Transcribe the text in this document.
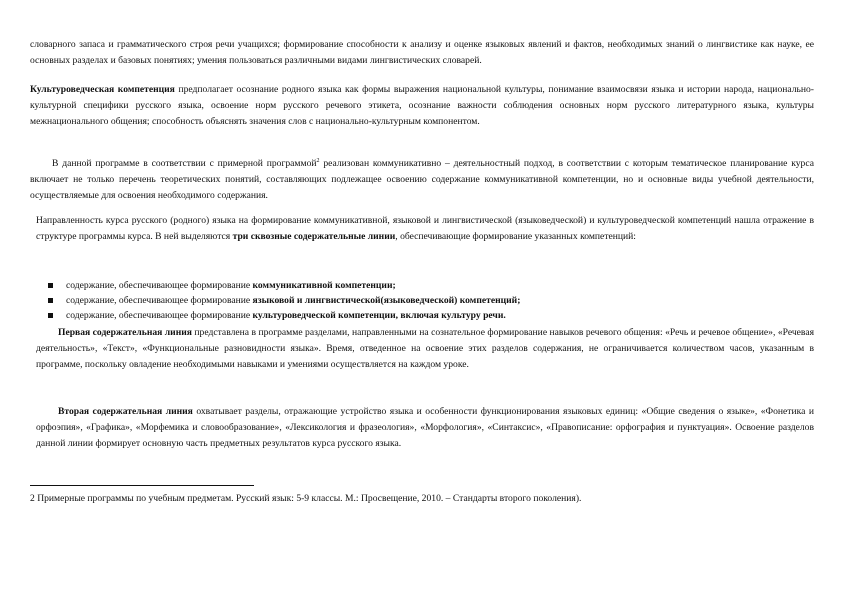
словарного запаса и грамматического строя речи учащихся; формирование способности к анализу и оценке языковых явлений и фактов, необходимых знаний о лингвистике как науке, ее основных разделах и базовых понятиях; умения пользоваться различными видами лингвистических словарей.

Культуроведческая компетенция предполагает осознание родного языка как формы выражения национальной культуры, понимание взаимосвязи языка и истории народа, национально-культурной специфики русского языка, освоение норм русского речевого этикета, осознание важности соблюдения основных норм русского литературного языка, культуры межнационального общения; способность объяснять значения слов с национально-культурным компонентом.

В данной программе в соответствии с примерной программой$^2$ реализован коммуникативно – деятельностный подход, в соответствии с которым тематическое планирование курса включает не только перечень теоретических понятий, составляющих подлежащее освоению содержание коммуникативной компетенции, но и основные виды учебной деятельности, осуществляемые для освоения необходимого содержания.

Направленность курса русского (родного) языка на формирование коммуникативной, языковой и лингвистической (языковедческой) и культуроведческой компетенций нашла отражение в структуре программы курса. В ней выделяются три сквозные содержательные линии, обеспечивающие формирование указанных компетенций:

содержание, обеспечивающее формирование коммуникативной компетенции;
содержание, обеспечивающее формирование языковой и лингвистической(языковедческой) компетенций;
содержание, обеспечивающее формирование культуроведческой компетенции, включая культуру речи.

Первая содержательная линия представлена в программе разделами, направленными на сознательное формирование навыков речевого общения: «Речь и речевое общение», «Речевая деятельность», «Текст», «Функциональные разновидности языка». Время, отведенное на освоение этих разделов содержания, не ограничивается количеством часов, указанным в программе, поскольку овладение необходимыми навыками и умениями осуществляется на каждом уроке.

Вторая содержательная линия охватывает разделы, отражающие устройство языка и особенности функционирования языковых единиц: «Общие сведения о языке», «Фонетика и орфоэпия», «Графика», «Морфемика и словообразование», «Лексикология и фразеология», «Морфология», «Синтаксис», «Правописание: орфография и пунктуация». Освоение разделов данной линии формирует основную часть предметных результатов курса русского языка.

2 Примерные программы по учебным предметам. Русский язык: 5-9 классы. М.: Просвещение, 2010. – Стандарты второго поколения).
